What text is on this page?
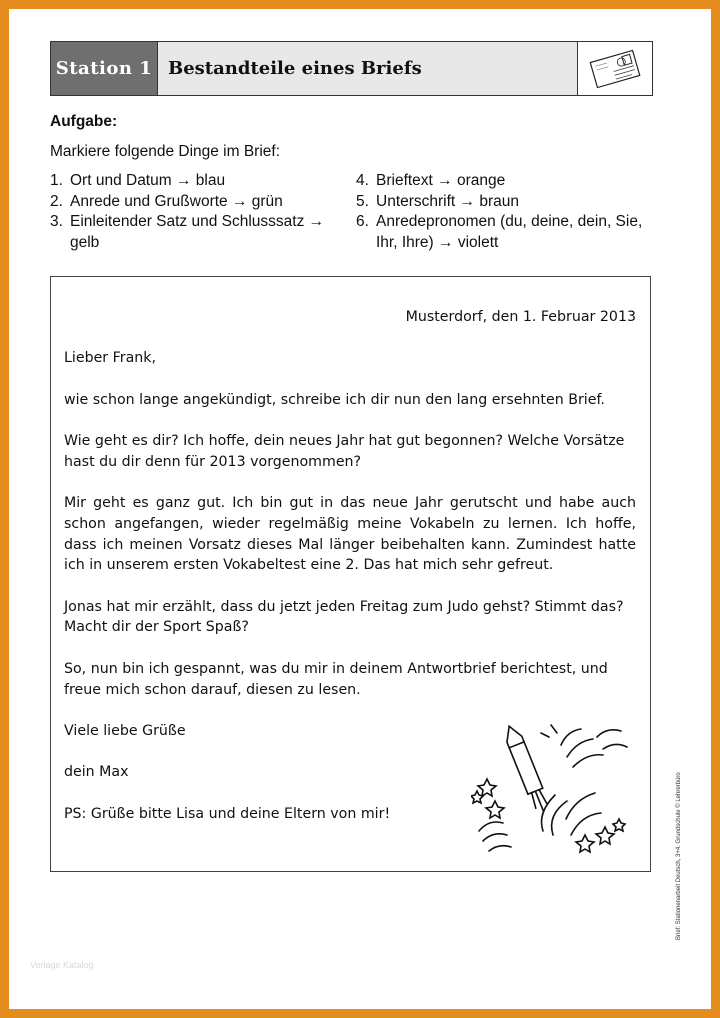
Station 1 Bestandteile eines Briefs
Aufgabe:
Markiere folgende Dinge im Brief:
1. Ort und Datum → blau
2. Anrede und Grußworte → grün
3. Einleitender Satz und Schlusssatz → gelb
4. Brieftext → orange
5. Unterschrift → braun
6. Anredepronomen (du, deine, dein, Sie, Ihr, Ihre) → violett

Musterdorf, den 1. Februar 2013

Lieber Frank,

wie schon lange angekündigt, schreibe ich dir nun den lang ersehnten Brief.

Wie geht es dir? Ich hoffe, dein neues Jahr hat gut begonnen? Welche Vorsätze hast du dir denn für 2013 vorgenommen?

Mir geht es ganz gut. Ich bin gut in das neue Jahr gerutscht und habe auch schon angefangen, wieder regelmäßig meine Vokabeln zu lernen. Ich hoffe, dass ich meinen Vorsatz dieses Mal länger beibehalten kann. Zumindest hatte ich in unserem ersten Vokabeltest eine 2. Das hat mich sehr gefreut.

Jonas hat mir erzählt, dass du jetzt jeden Freitag zum Judo gehst? Stimmt das? Macht dir der Sport Spaß?

So, nun bin ich gespannt, was du mir in deinem Antwortbrief berichtest, und freue mich schon darauf, diesen zu lesen.

Viele liebe Grüße

dein Max

PS: Grüße bitte Lisa und deine Eltern von mir!	Brief: Stationenarbeit Deutsch, 3+4. Grundschule © Lehrerbüro
Vorlage Katalog
